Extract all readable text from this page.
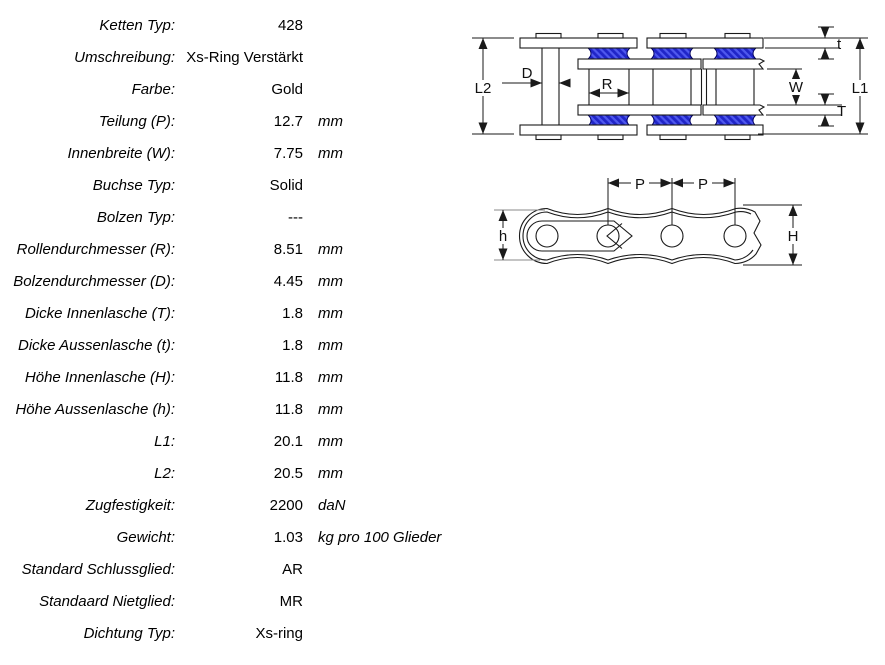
Ketten Typ:	428
Umschreibung: Xs-Ring Verstärkt
Farbe:	Gold
Teilung (P):	12.7 mm
Innenbreite (W):	7.75 mm
Buchse Typ:	Solid
Bolzen Typ:	---
Rollendurchmesser (R):	8.51 mm
Bolzendurchmesser (D):	4.45 mm
Dicke Innenlasche (T):	1.8 mm
Dicke Aussenlasche (t):	1.8 mm
Höhe Innenlasche (H):	11.8 mm
Höhe Aussenlasche (h):	11.8 mm
L1:	20.1 mm
L2:	20.5 mm
Zugfestigkeit:	2200 daN
Gewicht:	1.03 kg pro 100 Glieder
Standard Schlussglied:	AR
Standaard Nietglied:	MR
Dichtung Typ:	Xs-ring
L2
D
R	W
t
T
L1
P	P
h	H
